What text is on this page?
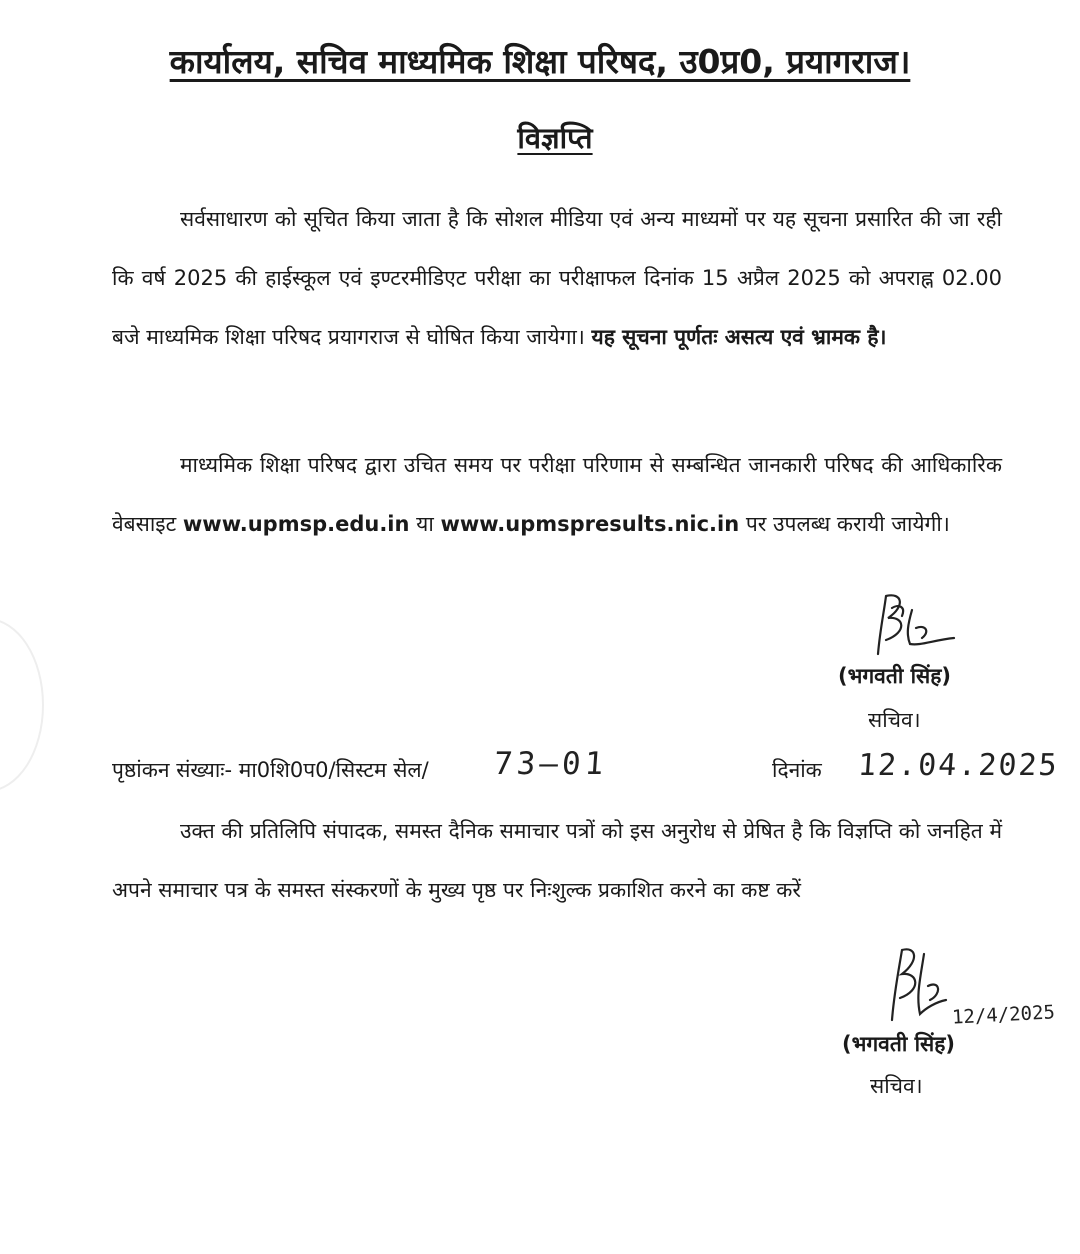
कार्यालय, सचिव माध्यमिक शिक्षा परिषद, उ0प्र0, प्रयागराज।
विज्ञप्ति
सर्वसाधारण को सूचित किया जाता है कि सोशल मीडिया एवं अन्य माध्यमों पर यह सूचना प्रसारित की जा रही कि वर्ष 2025 की हाईस्कूल एवं इण्टरमीडिएट परीक्षा का परीक्षाफल दिनांक 15 अप्रैल 2025 को अपराह्न 02.00 बजे माध्यमिक शिक्षा परिषद प्रयागराज से घोषित किया जायेगा। यह सूचना पूर्णतः असत्य एवं भ्रामक है।
माध्यमिक शिक्षा परिषद द्वारा उचित समय पर परीक्षा परिणाम से सम्बन्धित जानकारी परिषद की आधिकारिक वेबसाइट www.upmsp.edu.in या www.upmspresults.nic.in पर उपलब्ध करायी जायेगी।
(भगवती सिंह)
सचिव।
पृष्ठांकन संख्याः- मा0शि0प0/सिस्टम सेल/ 73—01	दिनांक 12.04.2025
उक्त की प्रतिलिपि संपादक, समस्त दैनिक समाचार पत्रों को इस अनुरोध से प्रेषित है कि विज्ञप्ति को जनहित में अपने समाचार पत्र के समस्त संस्करणों के मुख्य पृष्ठ पर निःशुल्क प्रकाशित करने का कष्ट करें
12/4/2025
(भगवती सिंह)
सचिव।
